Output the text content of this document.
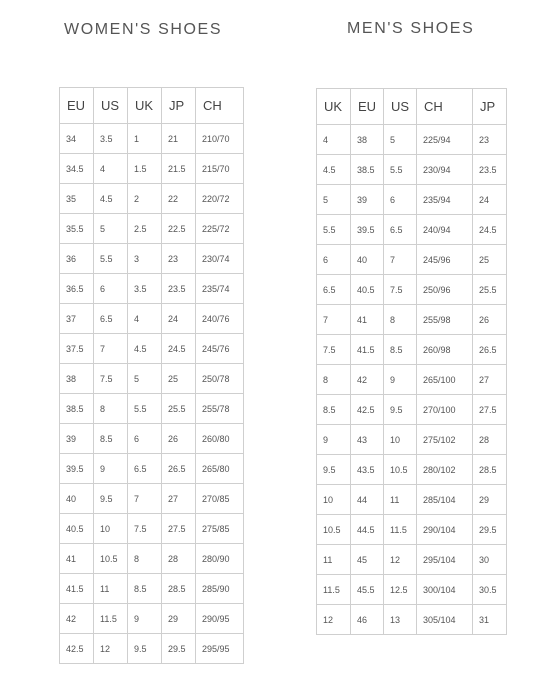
WOMEN'S SHOES	MEN'S SHOES
EU	US	UK	JP	CH
34	3.5	1	21	210/70
34.5	4	1.5	21.5	215/70
35	4.5	2	22	220/72
35.5	5	2.5	22.5	225/72
36	5.5	3	23	230/74
36.5	6	3.5	23.5	235/74
37	6.5	4	24	240/76
37.5	7	4.5	24.5	245/76
38	7.5	5	25	250/78
38.5	8	5.5	25.5	255/78
39	8.5	6	26	260/80
39.5	9	6.5	26.5	265/80
40	9.5	7	27	270/85
40.5	10	7.5	27.5	275/85
41	10.5	8	28	280/90
41.5	11	8.5	28.5	285/90
42	11.5	9	29	290/95
42.5	12	9.5	29.5	295/95
UK	EU	US	CH	JP
4	38	5	225/94	23
4.5	38.5	5.5	230/94	23.5
5	39	6	235/94	24
5.5	39.5	6.5	240/94	24.5
6	40	7	245/96	25
6.5	40.5	7.5	250/96	25.5
7	41	8	255/98	26
7.5	41.5	8.5	260/98	26.5
8	42	9	265/100	27
8.5	42.5	9.5	270/100	27.5
9	43	10	275/102	28
9.5	43.5	10.5	280/102	28.5
10	44	11	285/104	29
10.5	44.5	11.5	290/104	29.5
11	45	12	295/104	30
11.5	45.5	12.5	300/104	30.5
12	46	13	305/104	31
